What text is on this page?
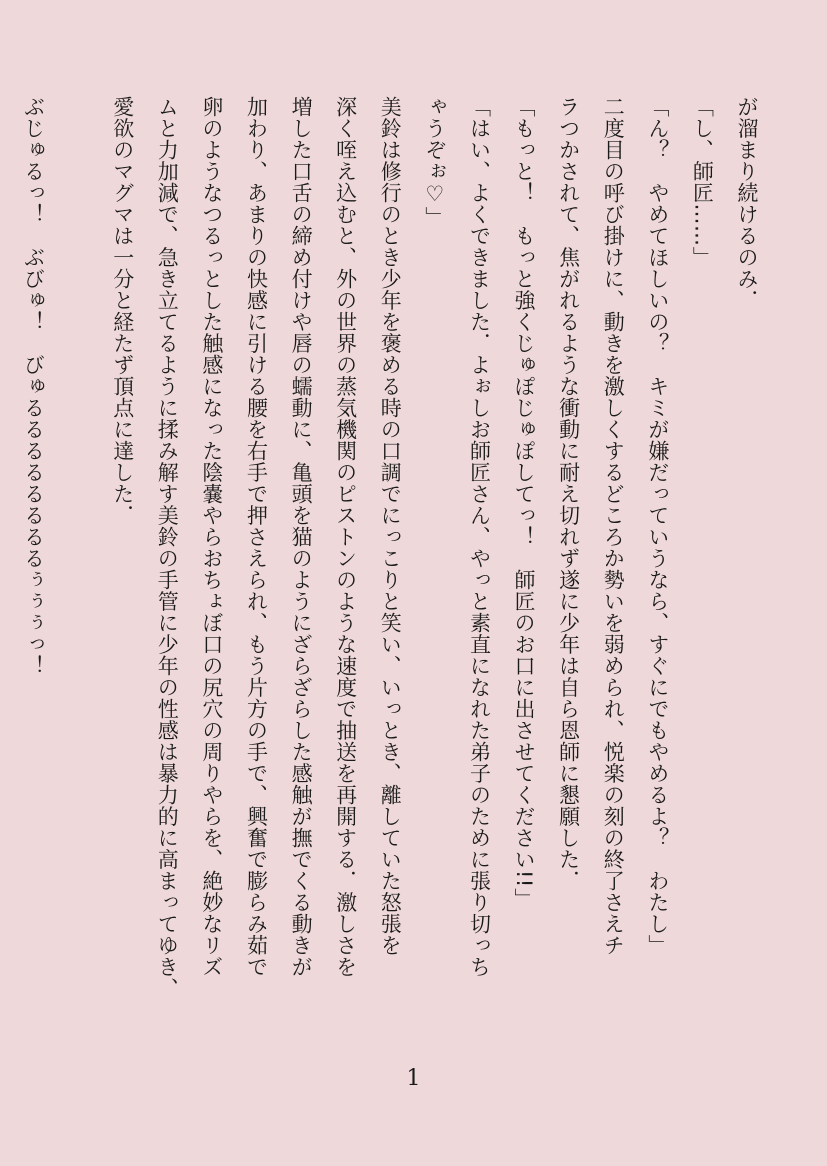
が溜まり続けるのみ．
「し、師匠……」
「ん？　やめてほしいの？　キミが嫌だっていうなら、すぐにでもやめるよ？　わたし」
二度目の呼び掛けに、動きを激しくするどころか勢いを弱められ、悦楽の刻の終了さえチ
ラつかされて、焦がれるような衝動に耐え切れず遂に少年は自ら恩師に懇願した．
「もっと！　もっと強くじゅぽじゅぽしてっ！　師匠のお口に出させてください!!」
「はい、よくできました．よぉしお師匠さん、やっと素直になれた弟子のために張り切っち
ゃうぞぉ♡」
美鈴は修行のとき少年を褒める時の口調でにっこりと笑い、いっとき、離していた怒張を
深く咥え込むと、外の世界の蒸気機関のピストンのような速度で抽送を再開する．激しさを
増した口舌の締め付けや唇の蠕動に、亀頭を猫のようにざらざらした感触が撫でくる動きが
加わり、あまりの快感に引ける腰を右手で押さえられ、もう片方の手で、興奮で膨らみ茹で
卵のようなつるっとした触感になった陰嚢やらおちょぼ口の尻穴の周りやらを、絶妙なリズ
ムと力加減で、急き立てるように揉み解す美鈴の手管に少年の性感は暴力的に高まってゆき、
愛欲のマグマは一分と経たず頂点に達した．

ぶじゅるっ！　ぶびゅ！　びゅるるるるるるるるぅぅぅっ！
1
